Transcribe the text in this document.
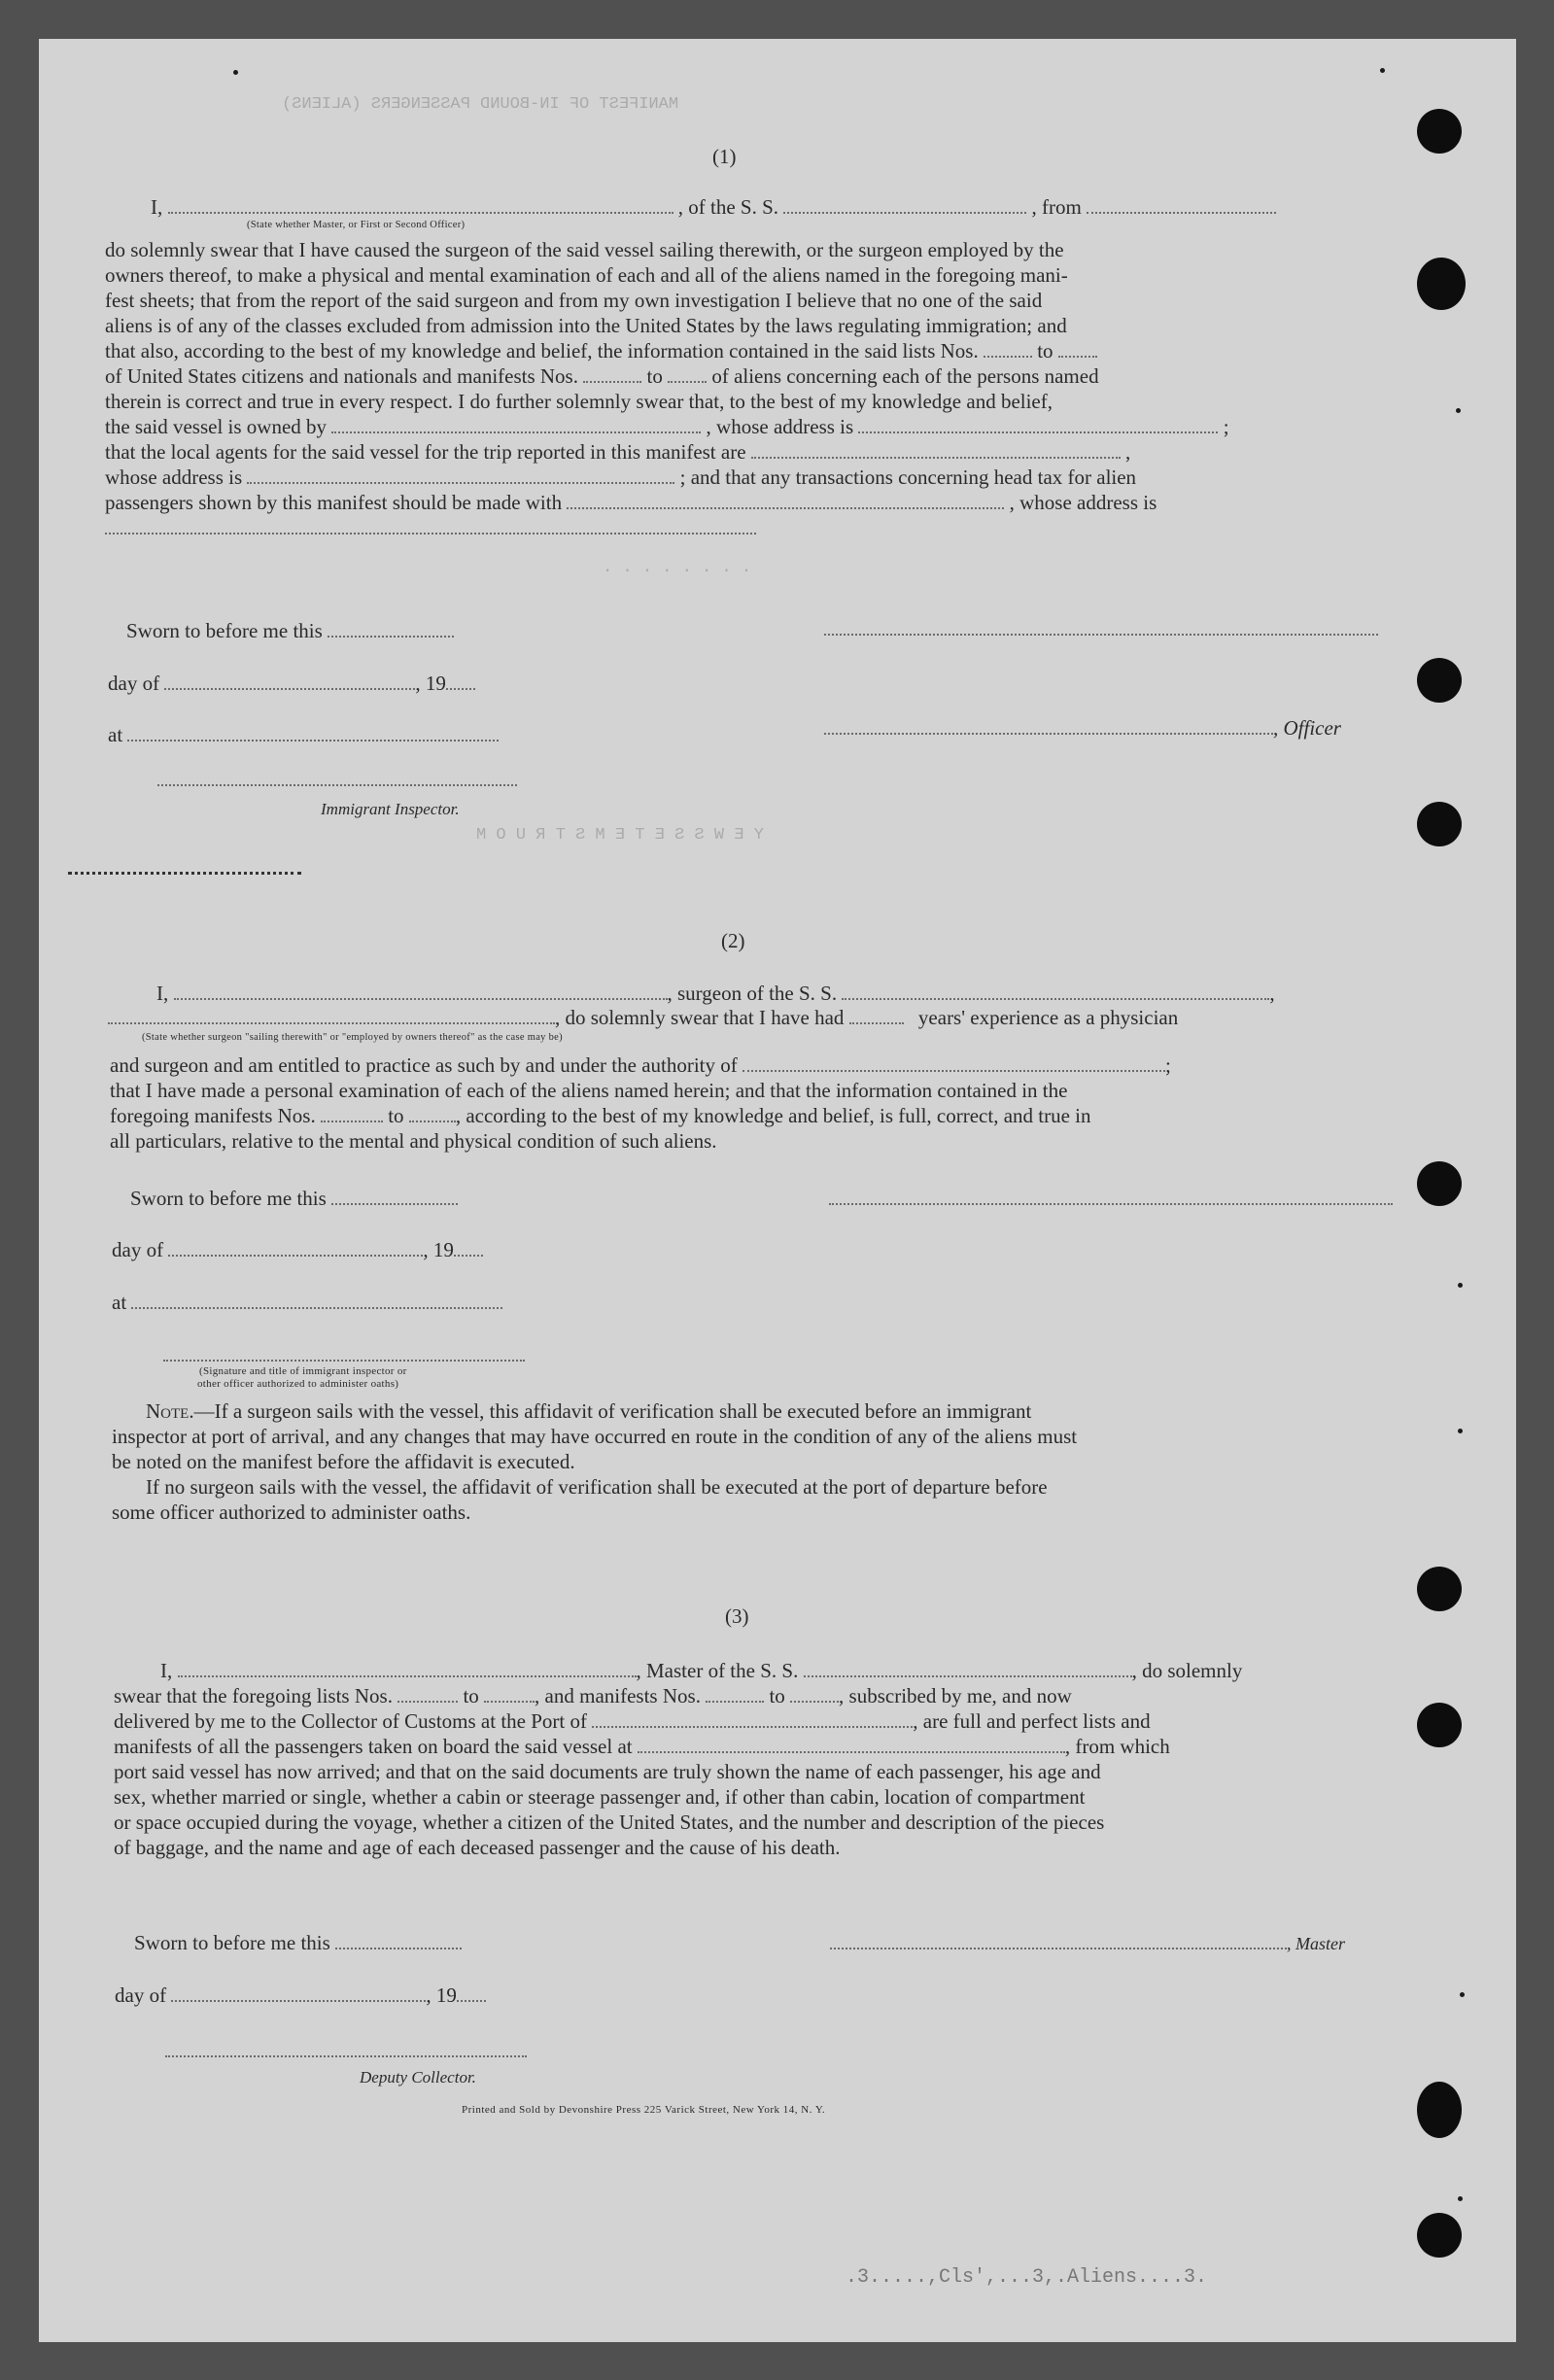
MANIFEST OF IN-BOUND PASSENGERS (ALIENS)
. . . . . . . .
Y E W S S E T E M S T R U O M
(1)
I,	, of the S. S.	, from
(State whether Master, or First or Second Officer)
do solemnly swear that I have caused the surgeon of the said vessel sailing therewith, or the surgeon employed by the
owners thereof, to make a physical and mental examination of each and all of the aliens named in the foregoing mani-
fest sheets; that from the report of the said surgeon and from my own investigation I believe that no one of the said
aliens is of any of the classes excluded from admission into the United States by the laws regulating immigration; and
that also, according to the best of my knowledge and belief, the information contained in the said lists Nos.	to
of United States citizens and nationals and manifests Nos.	to of aliens concerning each of the persons named
therein is correct and true in every respect. I do further solemnly swear that, to the best of my knowledge and belief,
the said vessel is owned by	, whose address is	;
that the local agents for the said vessel for the trip reported in this manifest are	,
whose address is	; and that any transactions concerning head tax for alien
passengers shown by this manifest should be made with	, whose address is
Sworn to before me this
day of	, 19
at	, Officer
Immigrant Inspector.
(2)
I,	, surgeon of the S. S.	,
, do solemnly swear that I have had	years' experience as a physician
(State whether surgeon "sailing therewith" or "employed by owners thereof" as the case may be)
and surgeon and am entitled to practice as such by and under the authority of	;
that I have made a personal examination of each of the aliens named herein; and that the information contained in the
foregoing manifests Nos.	to	, according to the best of my knowledge and belief, is full, correct, and true in
all particulars, relative to the mental and physical condition of such aliens.
Sworn to before me this
day of	, 19
at
(Signature and title of immigrant inspector or
other officer authorized to administer oaths)
Note.—If a surgeon sails with the vessel, this affidavit of verification shall be executed before an immigrant
inspector at port of arrival, and any changes that may have occurred en route in the condition of any of the aliens must
be noted on the manifest before the affidavit is executed.
If no surgeon sails with the vessel, the affidavit of verification shall be executed at the port of departure before
some officer authorized to administer oaths.
(3)
I,	, Master of the S. S.	, do solemnly
swear that the foregoing lists Nos.	to	, and manifests Nos.	to	, subscribed by me, and now
delivered by me to the Collector of Customs at the Port of	, are full and perfect lists and
manifests of all the passengers taken on board the said vessel at	, from which
port said vessel has now arrived; and that on the said documents are truly shown the name of each passenger, his age and
sex, whether married or single, whether a cabin or steerage passenger and, if other than cabin, location of compartment
or space occupied during the voyage, whether a citizen of the United States, and the number and description of the pieces
of baggage, and the name and age of each deceased passenger and the cause of his death.
Sworn to before me this	, Master
day of	, 19
Deputy Collector.
Printed and Sold by Devonshire Press 225 Varick Street, New York 14, N. Y.
.3.....,Cls',...3,.Aliens....3.
